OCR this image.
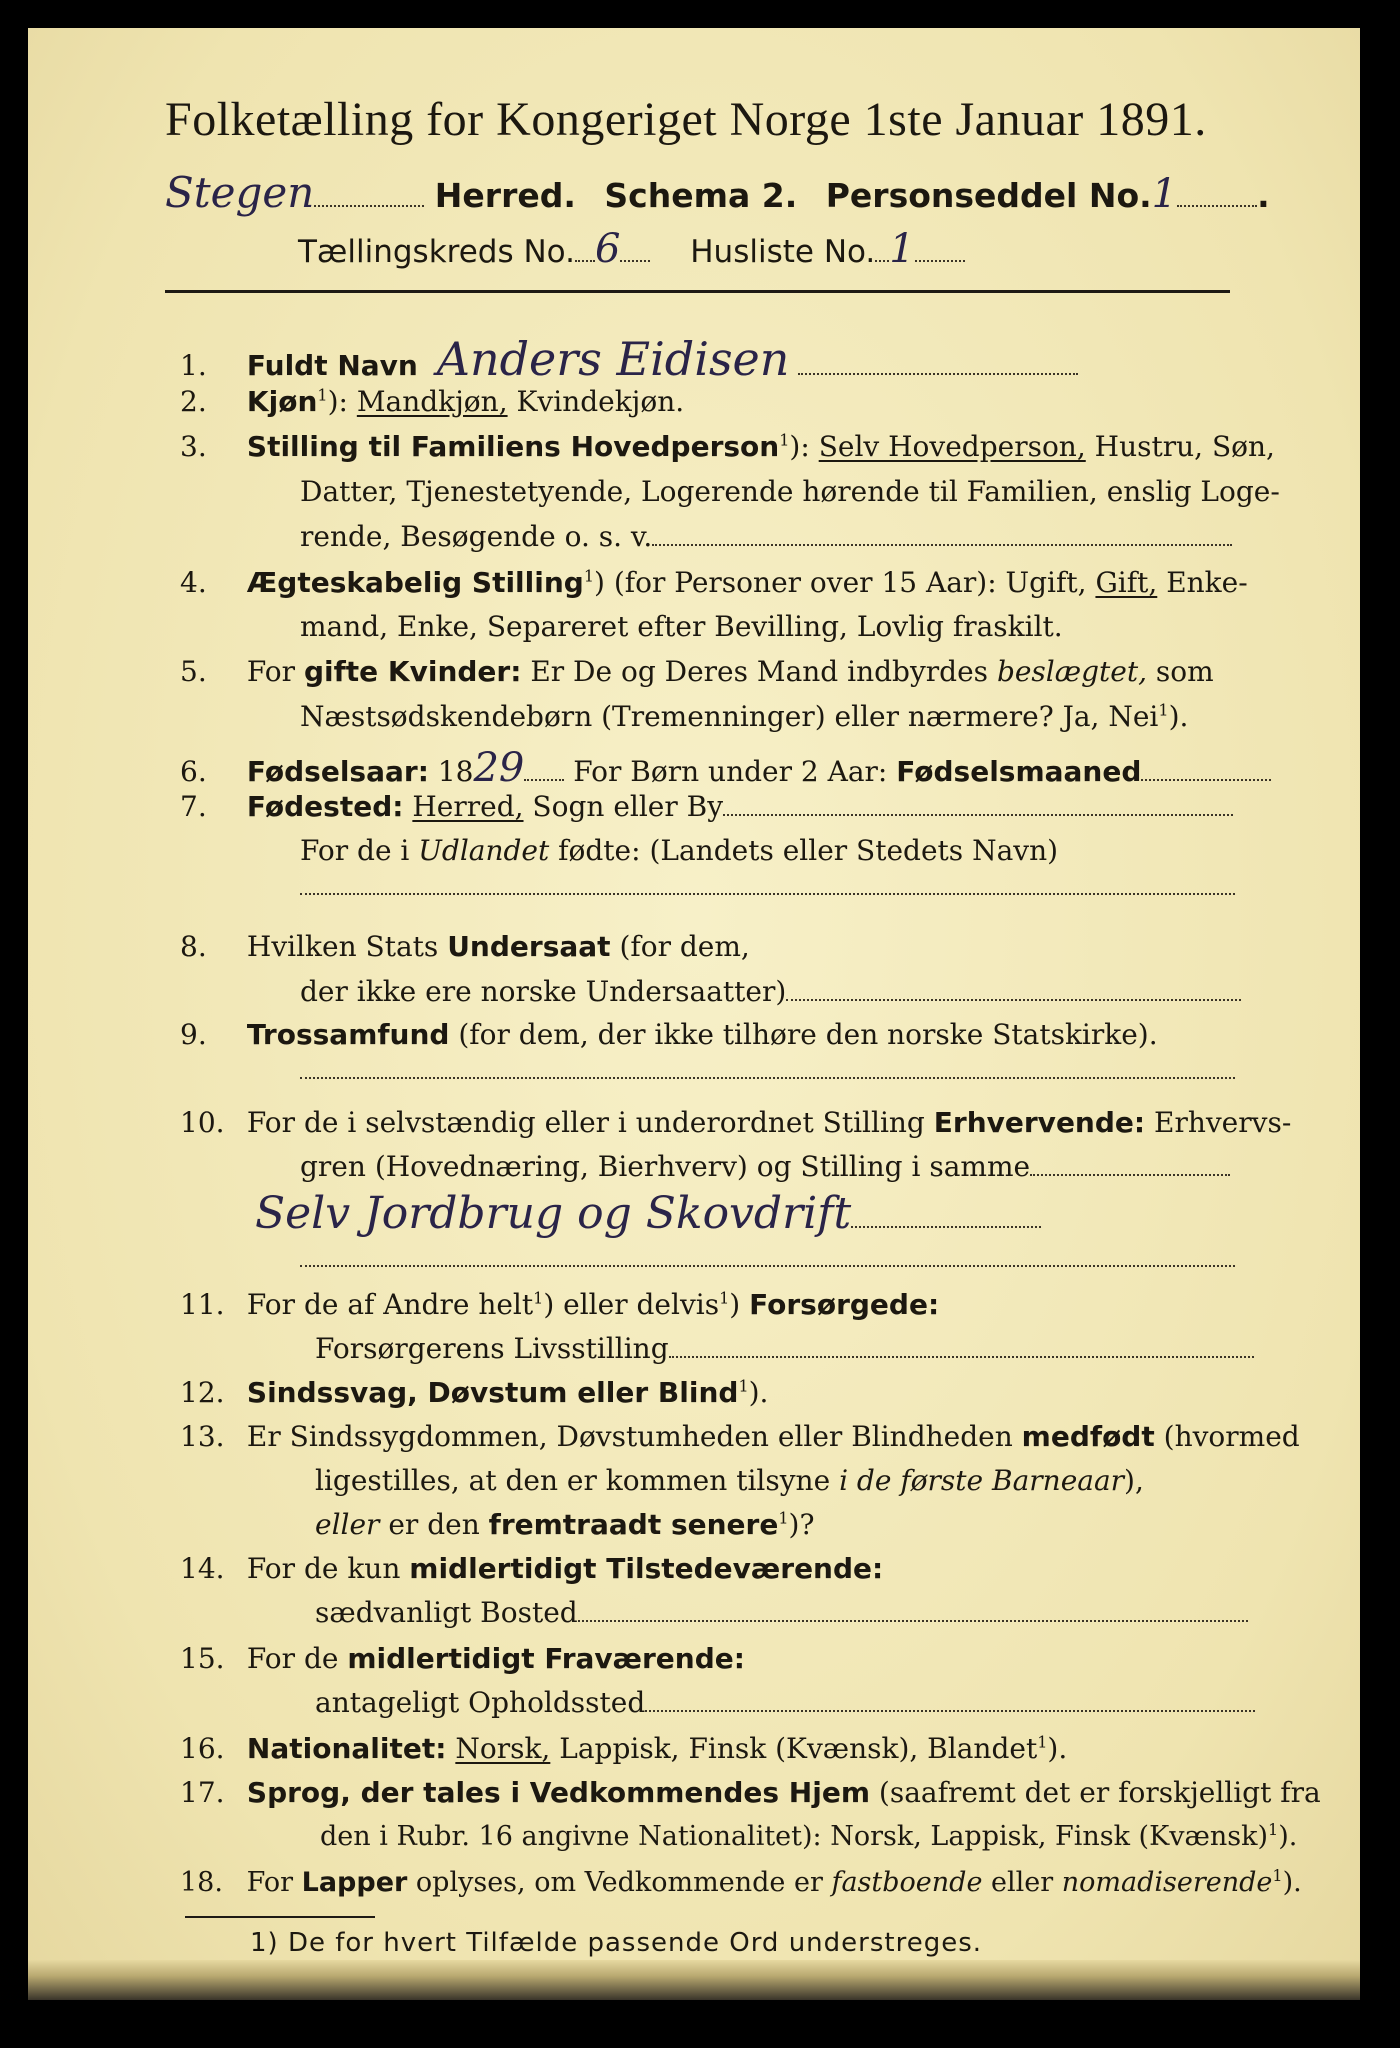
Folketælling for Kongeriget Norge 1ste Januar 1891.
Stegen	Herred. Schema 2. Personseddel No.1 .
Tællingskreds No. 6 Husliste No. 1
1. Fuldt Navn Anders Eidisen
2. Kjøn$^1$): Mandkjøn, Kvindekjøn.
3. Stilling til Familiens Hovedperson$^1$): Selv Hovedperson, Hustru, Søn,
Datter, Tjenestetyende, Logerende hørende til Familien, enslig Loge-
rende, Besøgende o. s. v.
4. Ægteskabelig Stilling$^1$) (for Personer over 15 Aar): Ugift, Gift, Enke-
mand, Enke, Separeret efter Bevilling, Lovlig fraskilt.
5. For gifte Kvinder: Er De og Deres Mand indbyrdes beslægtet, som
Næstsødskendebørn (Tremenninger) eller nærmere? Ja, Nei$^1$).
6. Fødselsaar: 1829 For Børn under 2 Aar: Fødselsmaaned
7. Fødested: Herred, Sogn eller By
For de i Udlandet fødte: (Landets eller Stedets Navn)
8. Hvilken Stats Undersaat (for dem,
der ikke ere norske Undersaatter)
9. Trossamfund (for dem, der ikke tilhøre den norske Statskirke).
10. For de i selvstændig eller i underordnet Stilling Erhvervende: Erhvervs-
gren (Hovednæring, Bierhverv) og Stilling i samme
Selv Jordbrug og Skovdrift
11. For de af Andre helt$^1$) eller delvis$^1$) Forsørgede:
Forsørgerens Livsstilling
12. Sindssvag, Døvstum eller Blind$^1$).
13. Er Sindssygdommen, Døvstumheden eller Blindheden medfødt (hvormed
ligestilles, at den er kommen tilsyne i de første Barneaar),
eller er den fremtraadt senere$^1$)?
14. For de kun midlertidigt Tilstedeværende:
sædvanligt Bosted
15. For de midlertidigt Fraværende:
antageligt Opholdssted
16. Nationalitet: Norsk, Lappisk, Finsk (Kvænsk), Blandet$^1$).
17. Sprog, der tales i Vedkommendes Hjem (saafremt det er forskjelligt fra
den i Rubr. 16 angivne Nationalitet): Norsk, Lappisk, Finsk (Kvænsk)$^1$).
18. For Lapper oplyses, om Vedkommende er fastboende eller nomadiserende$^1$).
1) De for hvert Tilfælde passende Ord understreges.
